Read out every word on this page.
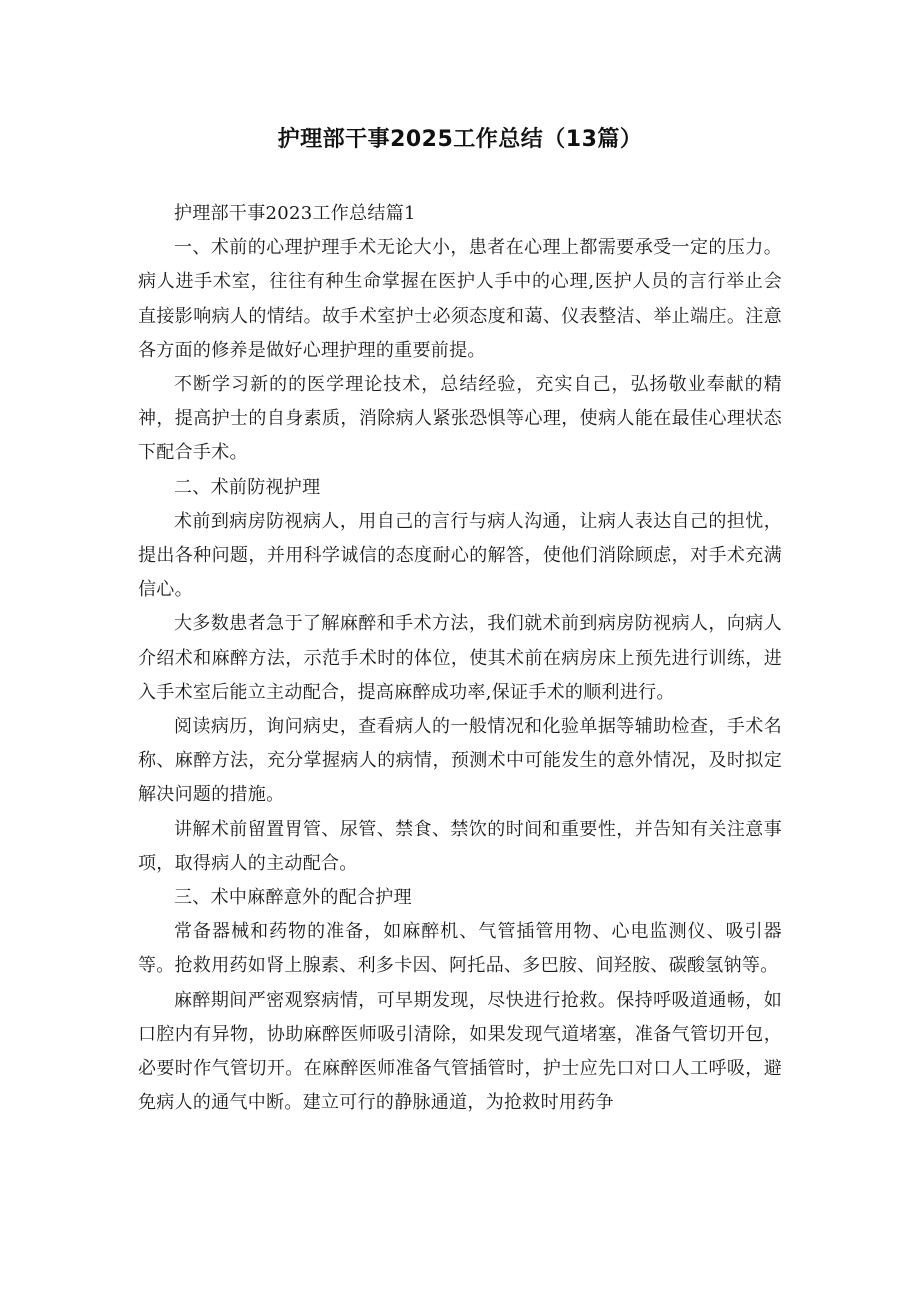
护理部干事2025工作总结（13篇）

护理部干事2023工作总结篇1

一、术前的心理护理手术无论大小，患者在心理上都需要承受一定的压力。病人进手术室，往往有种生命掌握在医护人手中的心理,医护人员的言行举止会直接影响病人的情结。故手术室护士必须态度和蔼、仪表整洁、举止端庄。注意各方面的修养是做好心理护理的重要前提。

不断学习新的的医学理论技术，总结经验，充实自己，弘扬敬业奉献的精神，提高护士的自身素质，消除病人紧张恐惧等心理，使病人能在最佳心理状态下配合手术。

二、术前防视护理

术前到病房防视病人，用自己的言行与病人沟通，让病人表达自己的担忧，提出各种问题，并用科学诚信的态度耐心的解答，使他们消除顾虑，对手术充满信心。

大多数患者急于了解麻醉和手术方法，我们就术前到病房防视病人，向病人介绍术和麻醉方法，示范手术时的体位，使其术前在病房床上预先进行训练，进入手术室后能立主动配合，提高麻醉成功率,保证手术的顺利进行。

阅读病历，询问病史，查看病人的一般情况和化验单据等辅助检查，手术名称、麻醉方法，充分掌握病人的病情，预测术中可能发生的意外情况，及时拟定解决问题的措施。

讲解术前留置胃管、尿管、禁食、禁饮的时间和重要性，并告知有关注意事项，取得病人的主动配合。

三、术中麻醉意外的配合护理

常备器械和药物的准备，如麻醉机、气管插管用物、心电监测仪、吸引器等。抢救用药如肾上腺素、利多卡因、阿托品、多巴胺、间羟胺、碳酸氢钠等。

麻醉期间严密观察病情，可早期发现，尽快进行抢救。保持呼吸道通畅，如口腔内有异物，协助麻醉医师吸引清除，如果发现气道堵塞，准备气管切开包，必要时作气管切开。在麻醉医师准备气管插管时，护士应先口对口人工呼吸，避免病人的通气中断。建立可行的静脉通道，为抢救时用药争
